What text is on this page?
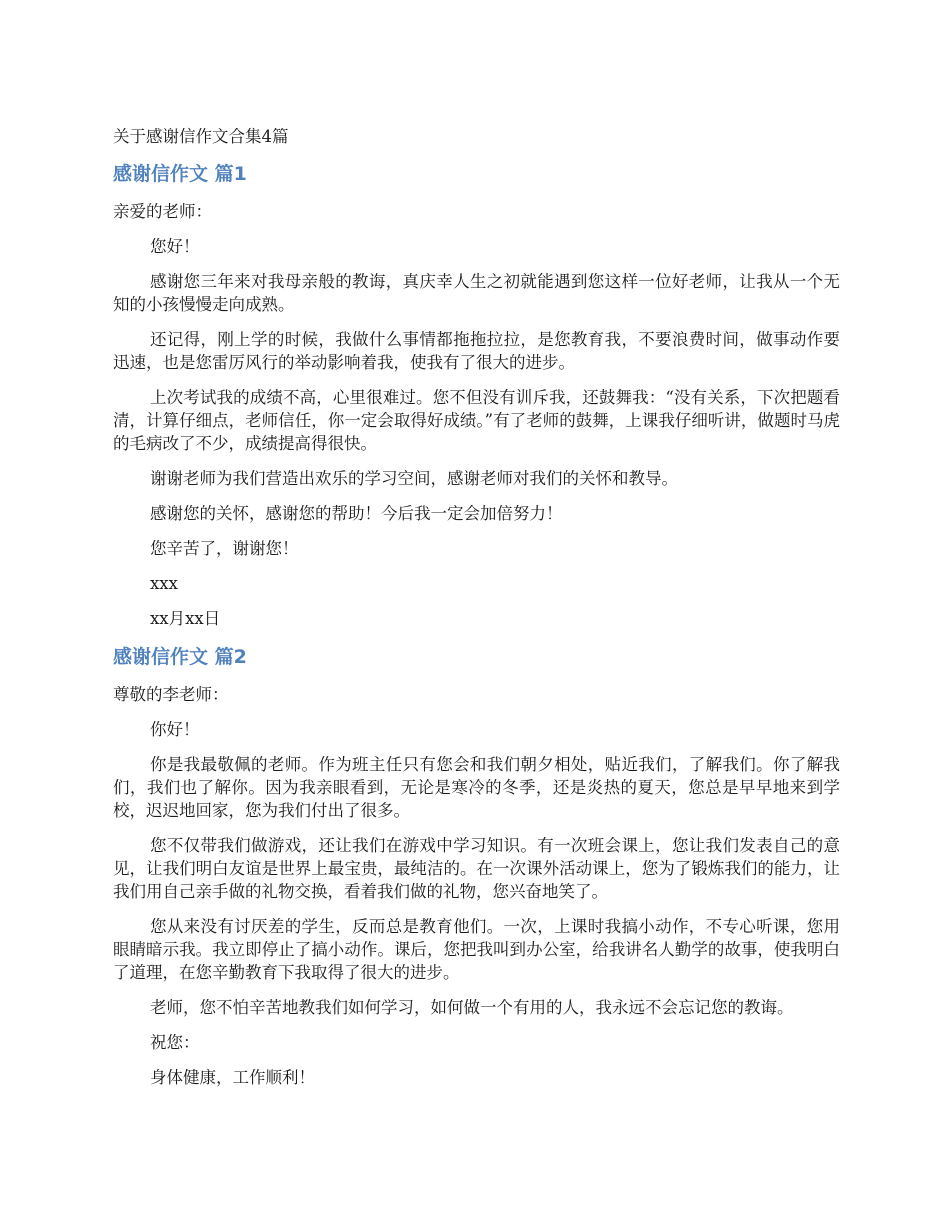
关于感谢信作文合集4篇
感谢信作文 篇1

亲爱的老师：

您好！

感谢您三年来对我母亲般的教诲，真庆幸人生之初就能遇到您这样一位好老师，让我从一个无知的小孩慢慢走向成熟。

还记得，刚上学的时候，我做什么事情都拖拖拉拉，是您教育我，不要浪费时间，做事动作要迅速，也是您雷厉风行的举动影响着我，使我有了很大的进步。

上次考试我的成绩不高，心里很难过。您不但没有训斥我，还鼓舞我：“没有关系，下次把题看清，计算仔细点，老师信任，你一定会取得好成绩。”有了老师的鼓舞，上课我仔细听讲，做题时马虎的毛病改了不少，成绩提高得很快。

谢谢老师为我们营造出欢乐的学习空间，感谢老师对我们的关怀和教导。

感谢您的关怀，感谢您的帮助！今后我一定会加倍努力！

您辛苦了，谢谢您！

xxx

xx月xx日

感谢信作文 篇2

尊敬的李老师：

你好！

你是我最敬佩的老师。作为班主任只有您会和我们朝夕相处，贴近我们，了解我们。你了解我们，我们也了解你。因为我亲眼看到，无论是寒冷的冬季，还是炎热的夏天，您总是早早地来到学校，迟迟地回家，您为我们付出了很多。

您不仅带我们做游戏，还让我们在游戏中学习知识。有一次班会课上，您让我们发表自己的意见，让我们明白友谊是世界上最宝贵，最纯洁的。在一次课外活动课上，您为了锻炼我们的能力，让我们用自己亲手做的礼物交换，看着我们做的礼物，您兴奋地笑了。

您从来没有讨厌差的学生，反而总是教育他们。一次，上课时我搞小动作，不专心听课，您用眼睛暗示我。我立即停止了搞小动作。课后，您把我叫到办公室，给我讲名人勤学的故事，使我明白了道理，在您辛勤教育下我取得了很大的进步。

老师，您不怕辛苦地教我们如何学习，如何做一个有用的人，我永远不会忘记您的教诲。

祝您：

身体健康，工作顺利！
